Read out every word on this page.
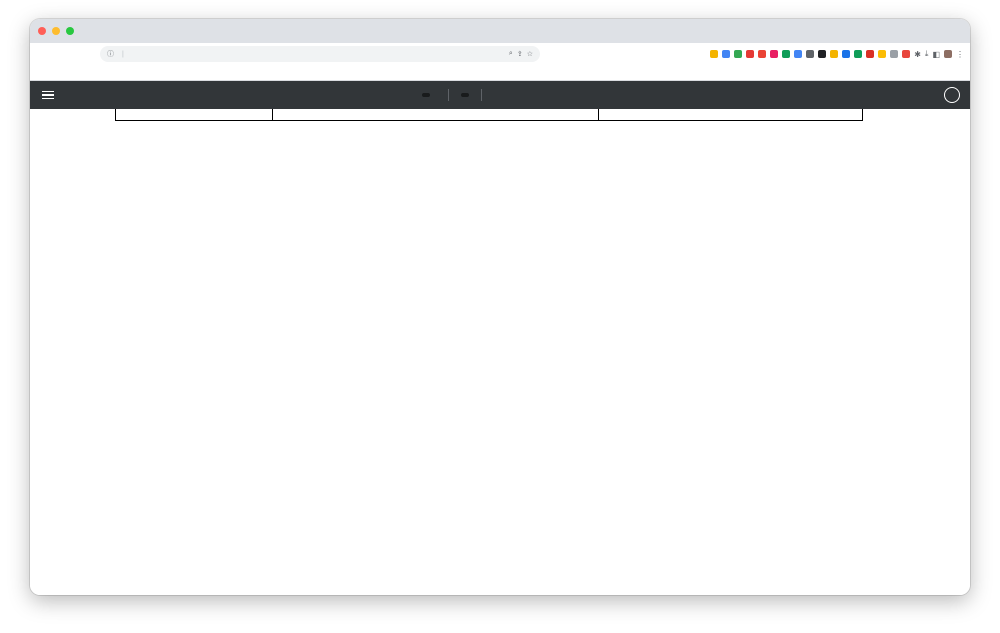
ⓘ |	⌕ ⇪ ☆	✱ ⤓ ◧ ⋮
